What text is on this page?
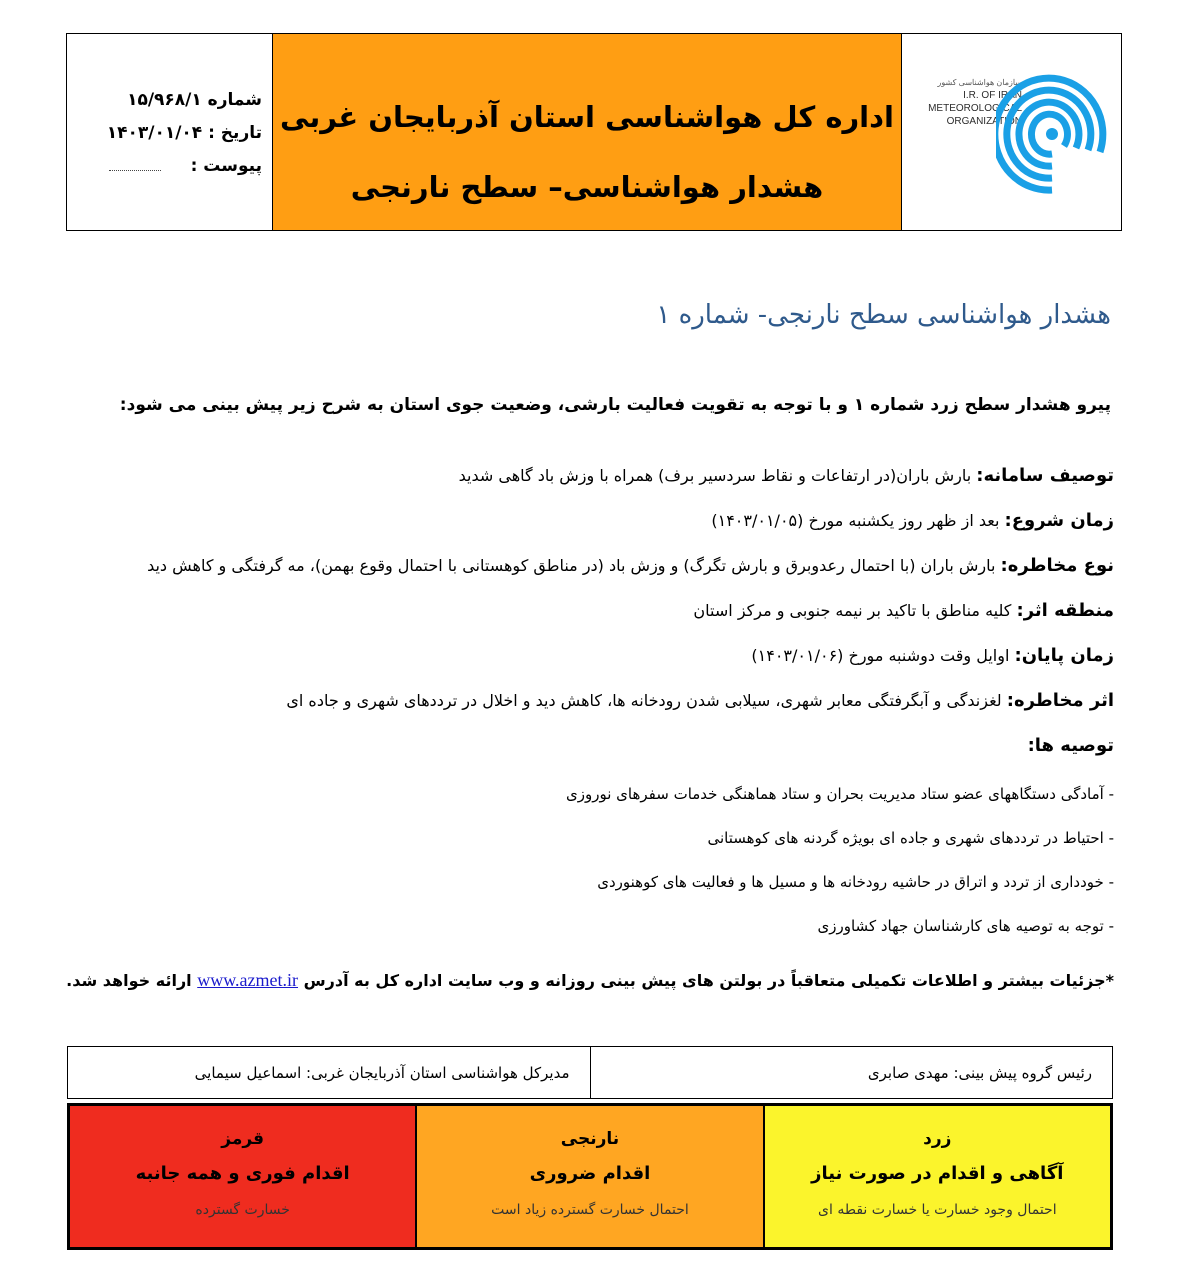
شماره ۱۵/۹۶۸/۱
تاریخ : ۱۴۰۳/۰۱/۰۴
پیوست :
اداره کل هواشناسی استان آذربایجان غربی
هشدار هواشناسی– سطح نارنجی
سازمان هواشناسی کشور
I.R. OF IRAN
METEOROLOGICAL
ORGANIZATION
هشدار هواشناسی سطح نارنجی- شماره ۱
پیرو هشدار سطح زرد شماره ۱ و با توجه به تقویت فعالیت بارشی، وضعیت جوی استان به شرح زیر پیش بینی می شود:
توصیف سامانه: بارش باران(در ارتفاعات و نقاط سردسیر برف) همراه با وزش باد گاهی شدید
زمان شروع: بعد از ظهر روز یکشنبه مورخ (۱۴۰۳/۰۱/۰۵)
نوع مخاطره: بارش باران (با احتمال رعدوبرق و بارش تگرگ) و وزش باد (در مناطق کوهستانی با احتمال وقوع بهمن)، مه گرفتگی و کاهش دید
منطقه اثر: کلیه مناطق با تاکید بر نیمه جنوبی و مرکز استان
زمان پایان: اوایل وقت دوشنبه مورخ (۱۴۰۳/۰۱/۰۶)
اثر مخاطره: لغزندگی و آبگرفتگی معابر شهری، سیلابی شدن رودخانه ها، کاهش دید و اخلال در ترددهای شهری و جاده ای
توصیه ها:
- آمادگی دستگاههای عضو ستاد مدیریت بحران و ستاد هماهنگی خدمات سفرهای نوروزی
- احتیاط در ترددهای شهری و جاده ای بویژه گردنه های کوهستانی
- خودداری از تردد و اتراق در حاشیه رودخانه ها و مسیل ها و فعالیت های کوهنوردی
- توجه به توصیه های کارشناسان جهاد کشاورزی
*جزئیات بیشتر و اطلاعات تکمیلی متعاقباً در بولتن های پیش بینی روزانه و وب سایت اداره کل به آدرس www.azmet.ir ارائه خواهد شد.
رئیس گروه پیش بینی: مهدی صابری
مدیرکل هواشناسی استان آذربایجان غربی: اسماعیل سیمایی
قرمز
اقدام فوری و همه جانبه
خسارت گسترده
نارنجی
اقدام ضروری
احتمال خسارت گسترده زیاد است
زرد
آگاهی و اقدام در صورت نیاز
احتمال وجود خسارت یا خسارت نقطه ای
